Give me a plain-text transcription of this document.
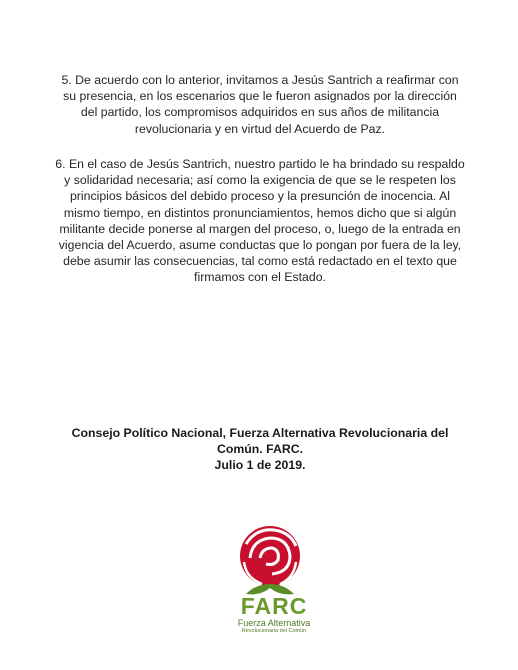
5. De acuerdo con lo anterior, invitamos a Jesús Santrich a reafirmar con su presencia, en los escenarios que le fueron asignados por la dirección del partido, los compromisos adquiridos en sus años de militancia revolucionaria y en virtud del Acuerdo de Paz.

6. En el caso de Jesús Santrich, nuestro partido le ha brindado su respaldo y solidaridad necesaria; así como la exigencia de que se le respeten los principios básicos del debido proceso y la presunción de inocencia. Al mismo tiempo, en distintos pronunciamientos, hemos dicho que si algún militante decide ponerse al margen del proceso, o, luego de la entrada en vigencia del Acuerdo, asume conductas que lo pongan por fuera de la ley, debe asumir las consecuencias, tal como está redactado en el texto que firmamos con el Estado.

Consejo Político Nacional, Fuerza Alternativa Revolucionaria del
Común. FARC.
Julio 1 de 2019.
FARC
Fuerza Alternativa
Revolucionaria del Común
